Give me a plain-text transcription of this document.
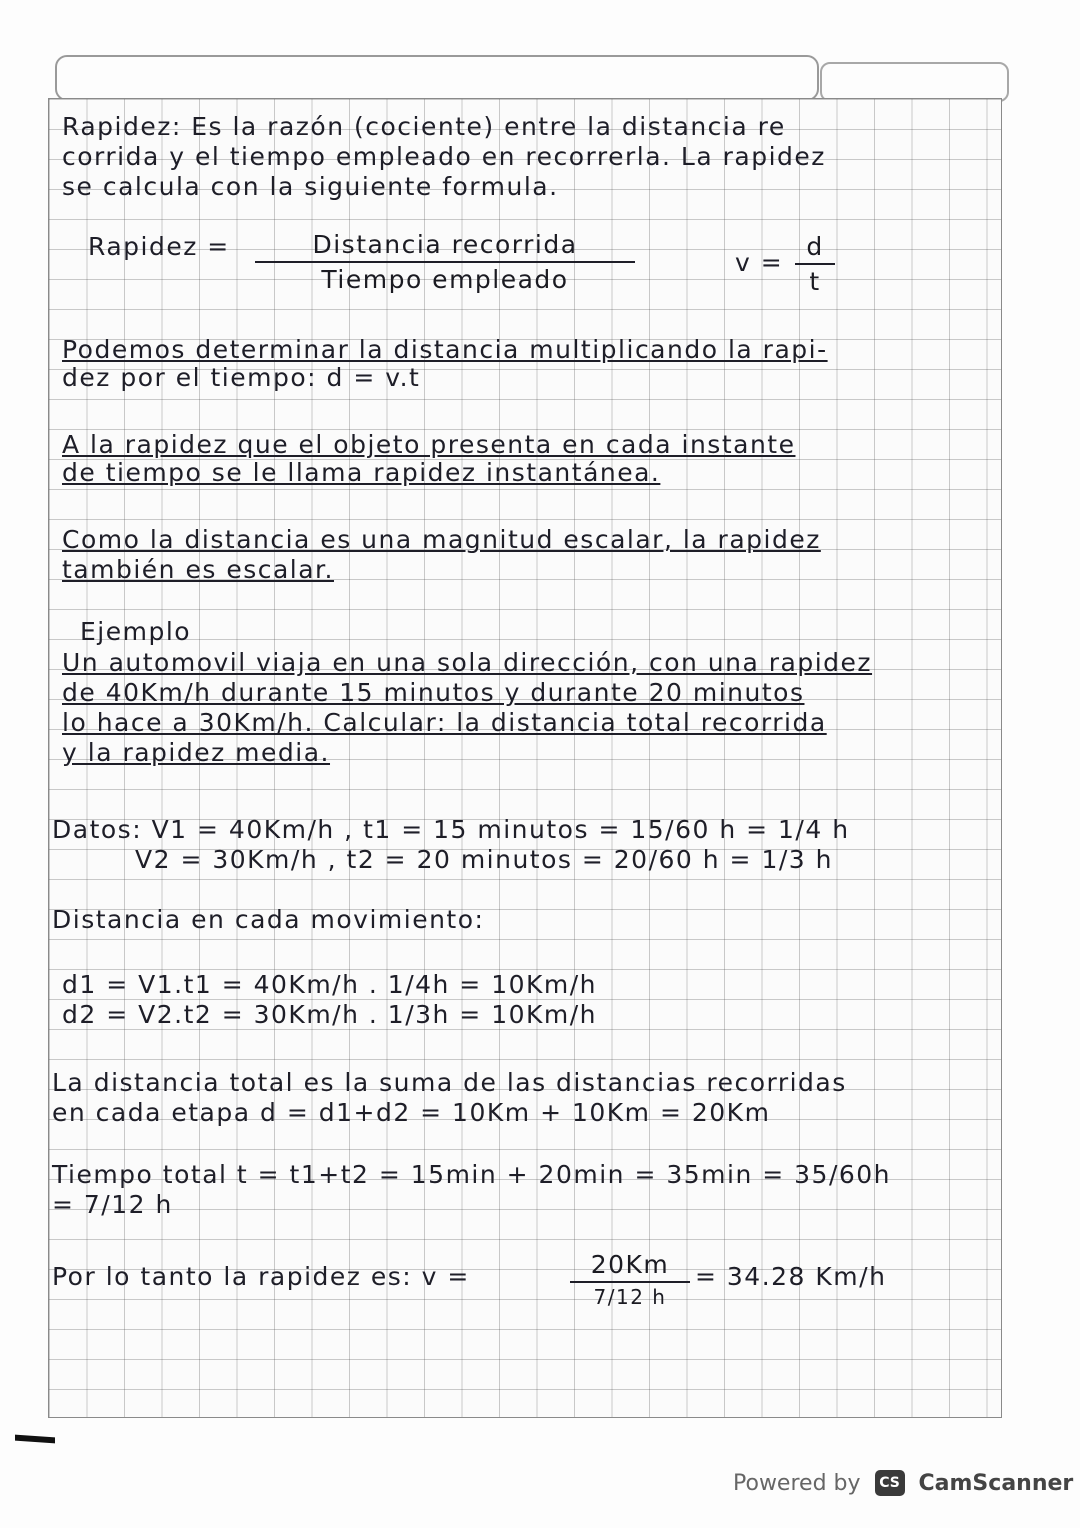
Rapidez: Es la razón (cociente) entre la distancia re
corrida y el tiempo empleado en recorrerla. La rapidez
se calcula con la siguiente formula.
Rapidez =	Distancia recorrida
Tiempo empleado
$v = \frac{d}{t}$
Podemos determinar la distancia multiplicando la rapi-
dez por el tiempo: d = v.t
A la rapidez que el objeto presenta en cada instante
de tiempo se le llama rapidez instantánea.
Como la distancia es una magnitud escalar, la rapidez
también es escalar.
Ejemplo
Un automovil viaja en una sola dirección, con una rapidez
de 40Km/h durante 15 minutos y durante 20 minutos
lo hace a 30Km/h. Calcular: la distancia total recorrida
y la rapidez media.
Datos: V1 = 40Km/h , t1 = 15 minutos = 15/60 h = 1/4 h
V2 = 30Km/h , t2 = 20 minutos = 20/60 h = 1/3 h
Distancia en cada movimiento:
d1 = V1.t1 = 40Km/h . 1/4h = 10Km/h
d2 = V2.t2 = 30Km/h . 1/3h = 10Km/h
La distancia total es la suma de las distancias recorridas
en cada etapa d = d1+d2 = 10Km + 10Km = 20Km
Tiempo total t = t1+t2 = 15min + 20min = 35min = 35/60h
= 7/12 h
Por lo tanto la rapidez es: v =	20Km
7/12 h
= 34.28 Km/h
Powered by	CS CamScanner
